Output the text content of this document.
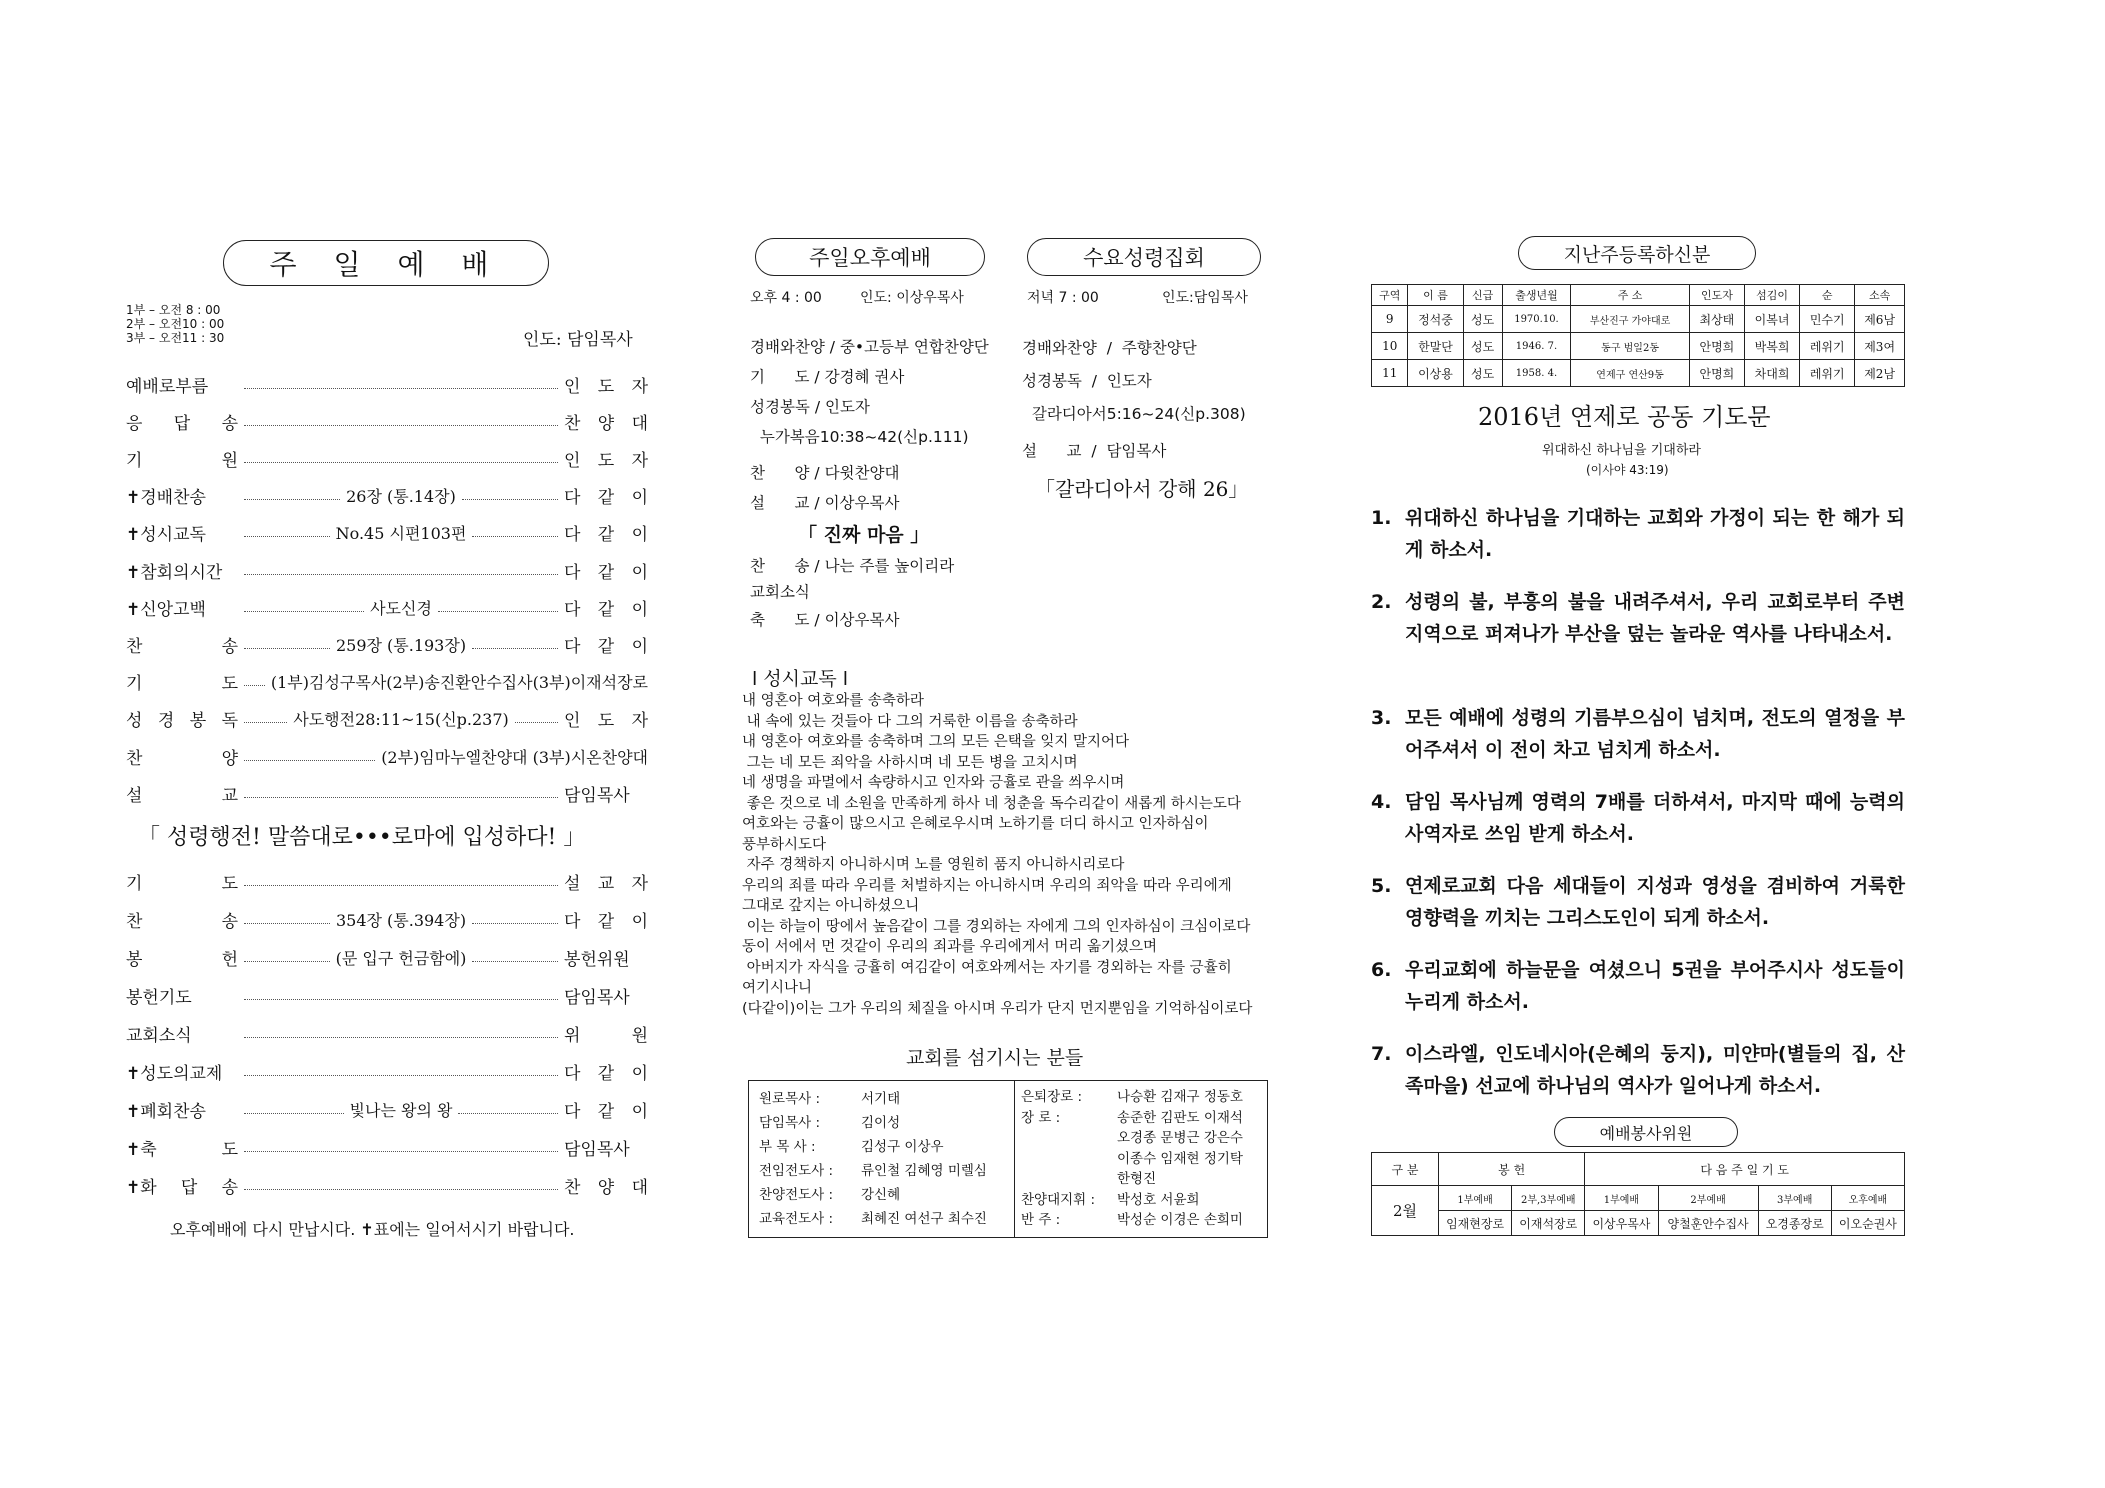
주 일 예 배
1부 – 오전 8 : 00
2부 – 오전10 : 00
3부 – 오전11 : 30	인도: 담임목사
예배로부름	인 도 자
응 답 송	찬 양 대
기 원	인 도 자
✝경배찬송	26장 (통.14장)	다 같 이
✝성시교독	No.45 시편103편	다 같 이
✝참회의시간	다 같 이
✝신앙고백	사도신경	다 같 이
찬 송	259장 (통.193장)	다 같 이
기 도 (1부)김성구목사(2부)송진환안수집사(3부)이재석장로
성 경 봉 독	사도행전28:11~15(신p.237)	인 도 자
찬 양	(2부)임마누엘찬양대 (3부)시온찬양대
설 교	담임목사
「 성령행전! 말씀대로•••로마에 입성하다! 」
기 도	설 교 자
찬 송	354장 (통.394장)	다 같 이
봉 헌	(문 입구 헌금함에)	봉헌위원
봉헌기도	담임목사
교회소식	위 원
✝성도의교제	다 같 이
✝폐회찬송	빛나는 왕의 왕	다 같 이
✝축 도	담임목사
✝화 답 송	찬 양 대
오후예배에 다시 만납시다. ✝표에는 일어서시기 바랍니다.
주일오후예배	수요성령집회
오후 4 : 00	인도: 이상우목사
경배와찬양 / 중•고등부 연합찬양단
기      도 / 강경혜 권사
성경봉독 / 인도자
누가복음10:38~42(신p.111)
찬      양 / 다윗찬양대
설      교 / 이상우목사
「 진짜 마음 」
찬      송 / 나는 주를 높이리라
교회소식
축      도 / 이상우목사
저녁 7 : 00	인도:담임목사
경배와찬양  /  주향찬양단
성경봉독  /  인도자
갈라디아서5:16~24(신p.308)
설      교  /  담임목사
「갈라디아서 강해 26」
l 성시교독 l
내 영혼아 여호와를 송축하라
내 속에 있는 것들아 다 그의 거룩한 이름을 송축하라
내 영혼아 여호와를 송축하며 그의 모든 은택을 잊지 말지어다
그는 네 모든 죄악을 사하시며 네 모든 병을 고치시며
네 생명을 파멸에서 속량하시고 인자와 긍휼로 관을 씌우시며
좋은 것으로 네 소원을 만족하게 하사 네 청춘을 독수리같이 새롭게 하시는도다
여호와는 긍휼이 많으시고 은혜로우시며 노하기를 더디 하시고 인자하심이
풍부하시도다
자주 경책하지 아니하시며 노를 영원히 품지 아니하시리로다
우리의 죄를 따라 우리를 처벌하지는 아니하시며 우리의 죄악을 따라 우리에게
그대로 갚지는 아니하셨으니
이는 하늘이 땅에서 높음같이 그를 경외하는 자에게 그의 인자하심이 크심이로다
동이 서에서 먼 것같이 우리의 죄과를 우리에게서 머리 옮기셨으며
아버지가 자식을 긍휼히 여김같이 여호와께서는 자기를 경외하는 자를 긍휼히
여기시나니
(다같이)이는 그가 우리의 체질을 아시며 우리가 단지 먼지뿐임을 기억하심이로다
교회를 섬기시는 분들
원로목사 :	서기태
담임목사 :	김이성
부 목 사 :	김성구 이상우
전임전도사 :	류인철 김혜영 미렐심
찬양전도사 :	강신혜
교육전도사 :	최혜진 여선구 최수진
은퇴장로 :	나승환 김재구 정동호
장 로 :	송준한 김판도 이재석
오경종 문병근 강은수
이종수 임재현 정기탁
한형진
찬양대지휘 :	박성호 서윤희
반 주 :	박성순 이경은 손희미
지난주등록하신분
구역	이 름	신급	출생년월	주 소	인도자	섬김이	순	소속
9	정석중	성도	1970.10.	부산진구 가야대로	최상태	이복녀	민수기	제6남
10	한말단	성도	1946. 7.	동구 범일2동	안명희	박복희	레위기	제3여
11	이상용	성도	1958. 4.	연제구 연산9동	안명희	차대희	레위기	제2남
2016년 연제로 공동 기도문
위대하신 하나님을 기대하라
(이사야 43:19)
1. 위대하신 하나님을 기대하는 교회와 가정이 되는 한 해가 되게 하소서.
2. 성령의 불, 부흥의 불을 내려주셔서, 우리 교회로부터 주변지역으로 퍼져나가 부산을 덮는 놀라운 역사를 나타내소서.
3. 모든 예배에 성령의 기름부으심이 넘치며, 전도의 열정을 부어주셔서 이 전이 차고 넘치게 하소서.
4. 담임 목사님께 영력의 7배를 더하셔서, 마지막 때에 능력의 사역자로 쓰임 받게 하소서.
5. 연제로교회 다음 세대들이 지성과 영성을 겸비하여 거룩한 영향력을 끼치는 그리스도인이 되게 하소서.
6. 우리교회에 하늘문을 여셨으니 5권을 부어주시사 성도들이 누리게 하소서.
7. 이스라엘, 인도네시아(은혜의 둥지), 미얀마(별들의 집, 산족마을) 선교에 하나님의 역사가 일어나게 하소서.
예배봉사위원
구 분	봉 헌		다 음 주 일 기 도			
2월	1부예배	2부,3부예배	1부예배	2부예배	3부예배	오후예배
	임재현장로	이재석장로	이상우목사	양철훈안수집사	오경종장로	이오순권사
